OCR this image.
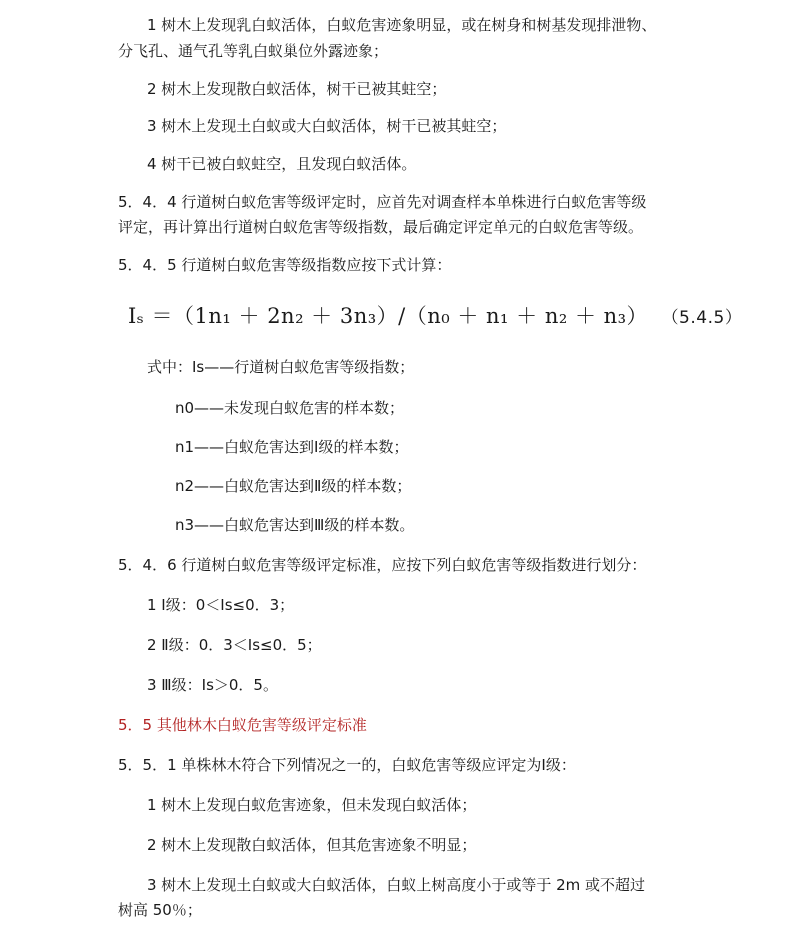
1 树木上发现乳白蚁活体，白蚁危害迹象明显，或在树身和树基发现排泄物、
分飞孔、通气孔等乳白蚁巢位外露迹象；
2 树木上发现散白蚁活体，树干已被其蛀空；
3 树木上发现土白蚁或大白蚁活体，树干已被其蛀空；
4 树干已被白蚁蛀空，且发现白蚁活体。
5．4．4 行道树白蚁危害等级评定时，应首先对调查样本单株进行白蚁危害等级
评定，再计算出行道树白蚁危害等级指数，最后确定评定单元的白蚁危害等级。
5．4．5 行道树白蚁危害等级指数应按下式计算：
Iₛ ＝（1n₁ ＋ 2n₂ ＋ 3n₃）/（n₀ ＋ n₁ ＋ n₂ ＋ n₃） （5.4.5）
式中：Is——行道树白蚁危害等级指数；
n0——未发现白蚁危害的样本数；
n1——白蚁危害达到Ⅰ级的样本数；
n2——白蚁危害达到Ⅱ级的样本数；
n3——白蚁危害达到Ⅲ级的样本数。
5．4．6 行道树白蚁危害等级评定标准，应按下列白蚁危害等级指数进行划分：
1 Ⅰ级：0＜Is≤0．3；
2 Ⅱ级：0．3＜Is≤0．5；
3 Ⅲ级：Is＞0．5。
5．5 其他林木白蚁危害等级评定标准
5．5．1 单株林木符合下列情况之一的，白蚁危害等级应评定为Ⅰ级：
1 树木上发现白蚁危害迹象，但未发现白蚁活体；
2 树木上发现散白蚁活体，但其危害迹象不明显；
3 树木上发现土白蚁或大白蚁活体，白蚁上树高度小于或等于 2m 或不超过
树高 50％；
